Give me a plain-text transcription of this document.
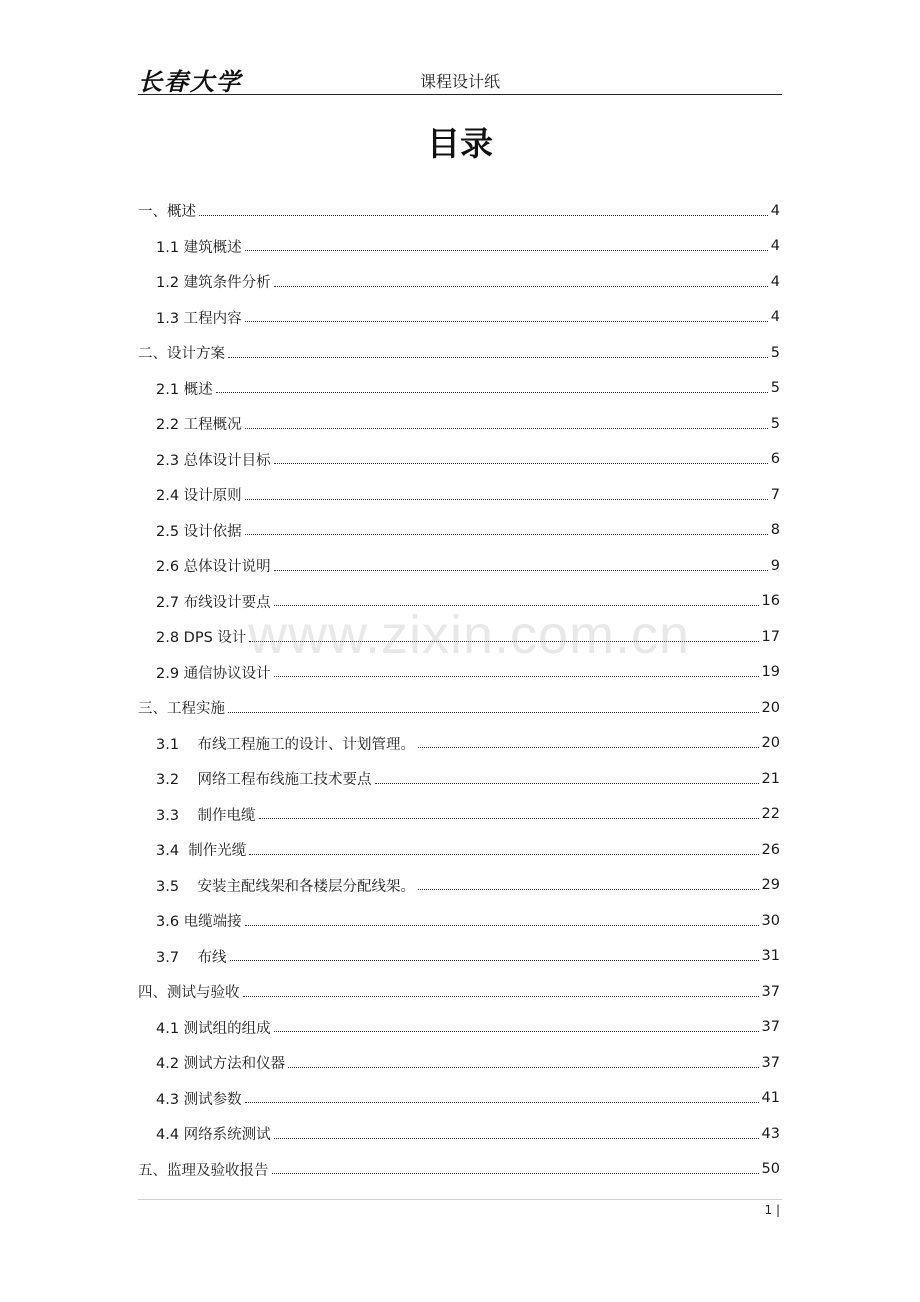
长春大学	课程设计纸
目录
一、概述	4
1.1 建筑概述	4
1.2 建筑条件分析	4
1.3 工程内容	4
二、设计方案	5
2.1 概述	5
2.2 工程概况	5
2.3 总体设计目标	6
2.4 设计原则	7
2.5 设计依据	8
2.6 总体设计说明	9
2.7 布线设计要点	16
2.8 DPS 设计	17
2.9 通信协议设计	19
三、工程实施	20
3.1    布线工程施工的设计、计划管理。	20
3.2    网络工程布线施工技术要点	21
3.3    制作电缆	22
3.4  制作光缆	26
3.5    安装主配线架和各楼层分配线架。	29
3.6 电缆端接	30
3.7    布线	31
四、测试与验收	37
4.1 测试组的组成	37
4.2 测试方法和仪器	37
4.3 测试参数	41
4.4 网络系统测试	43
五、监理及验收报告	50
www.zixin.com.cn
1 |
